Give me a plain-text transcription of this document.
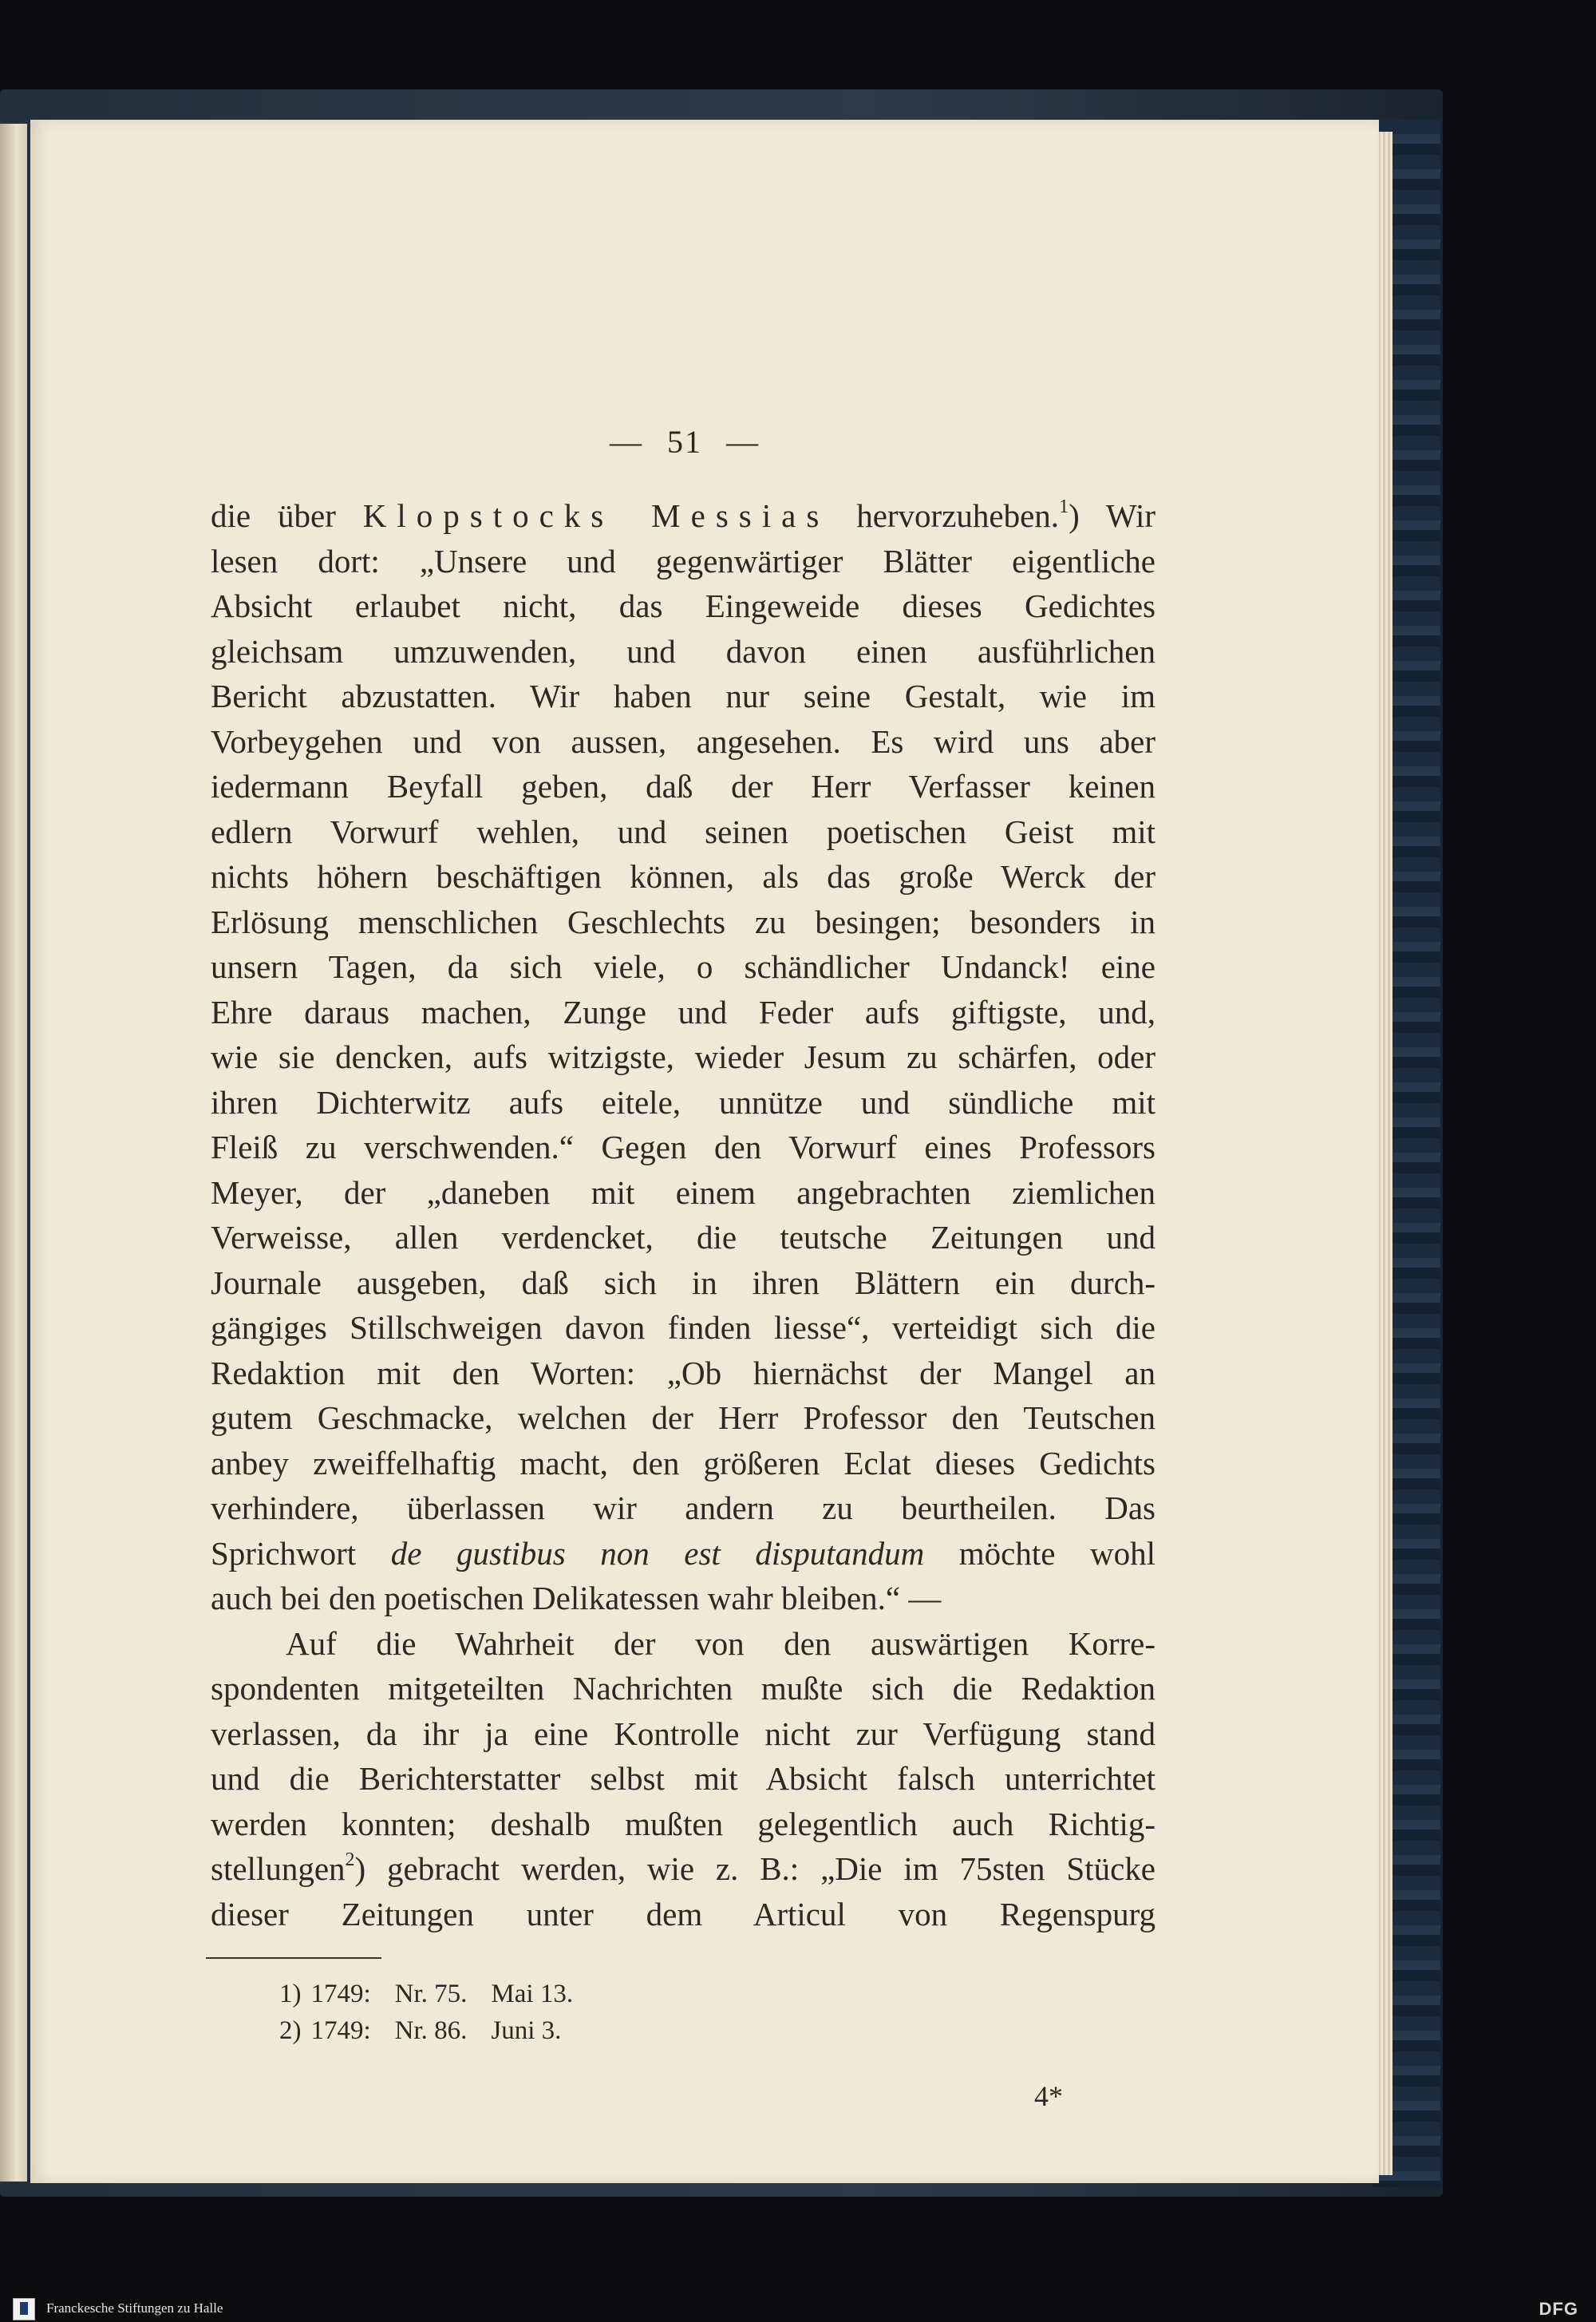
— 51 —
die über Klopstocks Messias hervorzuheben.$^1$) Wir
lesen dort: „Unsere und gegenwärtiger Blätter eigentliche
Absicht erlaubet nicht, das Eingeweide dieses Gedichtes
gleichsam umzuwenden, und davon einen ausführlichen
Bericht abzustatten. Wir haben nur seine Gestalt, wie im
Vorbeygehen und von aussen, angesehen. Es wird uns aber
iedermann Beyfall geben, daß der Herr Verfasser keinen
edlern Vorwurf wehlen, und seinen poetischen Geist mit
nichts höhern beschäftigen können, als das große Werck der
Erlösung menschlichen Geschlechts zu besingen; besonders in
unsern Tagen, da sich viele, o schändlicher Undanck! eine
Ehre daraus machen, Zunge und Feder aufs giftigste, und,
wie sie dencken, aufs witzigste, wieder Jesum zu schärfen, oder
ihren Dichterwitz aufs eitele, unnütze und sündliche mit
Fleiß zu verschwenden.“ Gegen den Vorwurf eines Professors
Meyer, der „daneben mit einem angebrachten ziemlichen
Verweisse, allen verdencket, die teutsche Zeitungen und
Journale ausgeben, daß sich in ihren Blättern ein durch-
gängiges Stillschweigen davon finden liesse“, verteidigt sich die
Redaktion mit den Worten: „Ob hiernächst der Mangel an
gutem Geschmacke, welchen der Herr Professor den Teutschen
anbey zweiffelhaftig macht, den größeren Eclat dieses Gedichts
verhindere, überlassen wir andern zu beurtheilen. Das
Sprichwort de gustibus non est disputandum möchte wohl
auch bei den poetischen Delikatessen wahr bleiben.“ —
Auf die Wahrheit der von den auswärtigen Korre-
spondenten mitgeteilten Nachrichten mußte sich die Redaktion
verlassen, da ihr ja eine Kontrolle nicht zur Verfügung stand
und die Berichterstatter selbst mit Absicht falsch unterrichtet
werden konnten; deshalb mußten gelegentlich auch Richtig-
stellungen$^2$) gebracht werden, wie z. B.: „Die im 75sten Stücke
dieser Zeitungen unter dem Articul von Regenspurg
1) 1749: Nr. 75. Mai 13.
2) 1749: Nr. 86. Juni 3.
4*
Franckesche Stiftungen zu Halle	DFG
